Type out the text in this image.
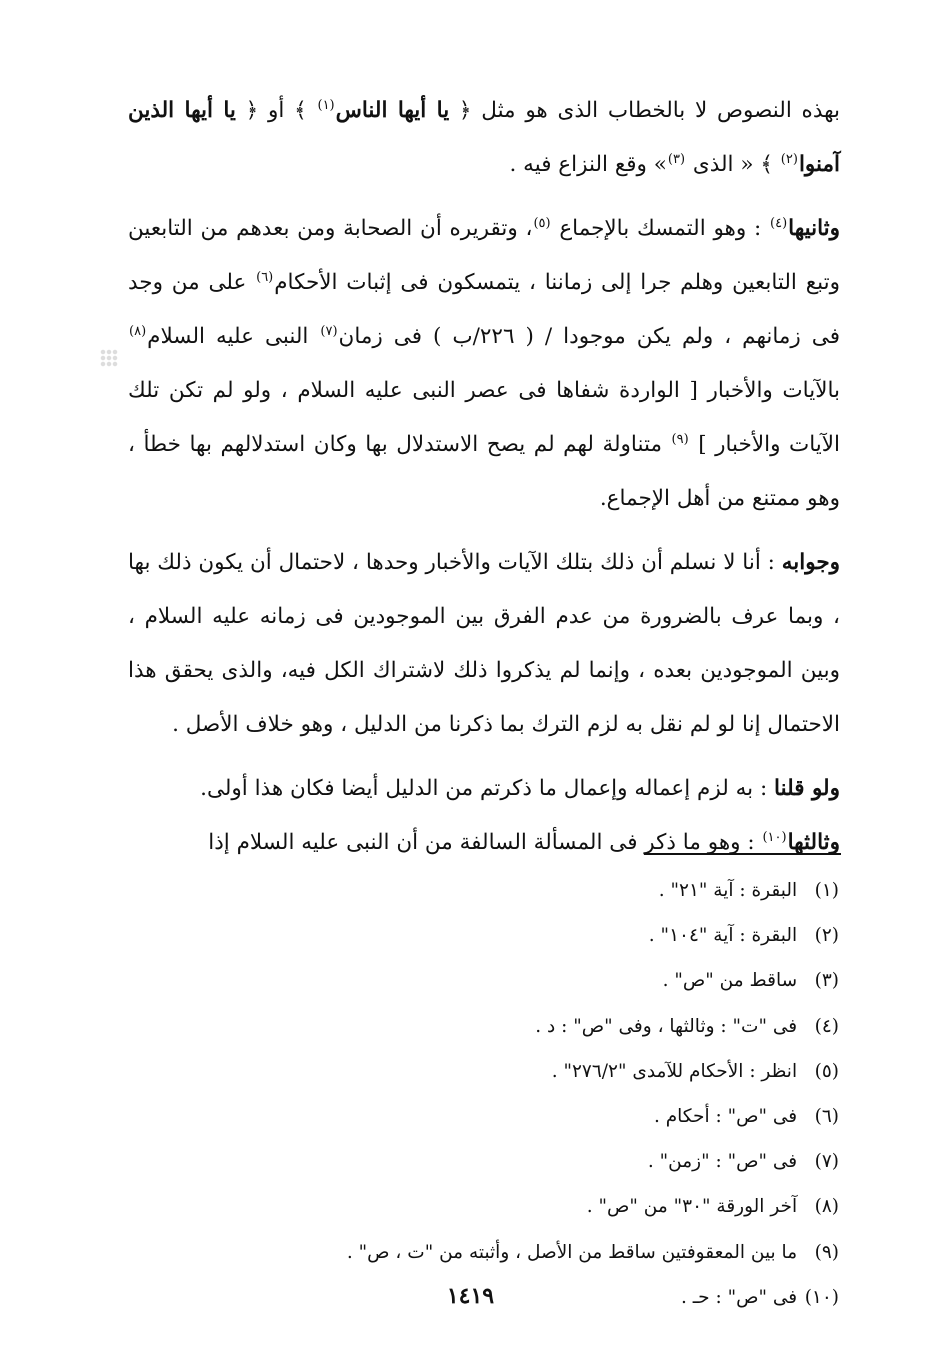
بهذه النصوص لا بالخطاب الذى هو مثل ﴿ يا أيها الناس$^{(١)}$ ﴾ أو ﴿ يا أيها الذين آمنوا$^{(٢)}$ ﴾ « الذى $^{(٣)}$» وقع النزاع فيه .

وثانيها$^{(٤)}$ : وهو التمسك بالإجماع $^{(٥)}$، وتقريره أن الصحابة ومن بعدهم من التابعين وتبع التابعين وهلم جرا إلى زماننا ، يتمسكون فى إثبات الأحكام$^{(٦)}$ على من وجد فى زمانهم ، ولم يكن موجودا / ( ٢٢٦/ب ) فى زمان$^{(٧)}$ النبى عليه السلام$^{(٨)}$ بالآيات والأخبار [ الواردة شفاها فى عصر النبى عليه السلام ، ولو لم تكن تلك الآيات والأخبار ] $^{(٩)}$ متناولة لهم لم يصح الاستدلال بها وكان استدلالهم بها خطأ ، وهو ممتنع من أهل الإجماع.

وجوابه : أنا لا نسلم أن ذلك بتلك الآيات والأخبار وحدها ، لاحتمال أن يكون ذلك بها ، وبما عرف بالضرورة من عدم الفرق بين الموجودين فى زمانه عليه السلام ، وبين الموجودين بعده ، وإنما لم يذكروا ذلك لاشتراك الكل فيه، والذى يحقق هذا الاحتمال إنا لو لم نقل به لزم الترك بما ذكرنا من الدليل ، وهو خلاف الأصل .

ولو قلنا : به لزم إعماله وإعمال ما ذكرتم من الدليل أيضا فكان هذا أولى.

وثالثها$^{(١٠)}$ : وهو ما ذكر فى المسألة السالفة من أن النبى عليه السلام إذا

(١) البقرة : آية "٢١" .
(٢) البقرة : آية "١٠٤" .
(٣) ساقط من "ص" .
(٤) فى "ت" : وثالثها ، وفى "ص" : د .
(٥) انظر : الأحكام للآمدى "٢٧٦/٢" .
(٦) فى "ص" : أحكام .
(٧) فى "ص" : "زمن" .
(٨) آخر الورقة "٣٠" من "ص" .
(٩) ما بين المعقوفتين ساقط من الأصل ، وأثبته من "ت ، ص" .
(١٠) فى "ص" : حـ .
١٤١٩
